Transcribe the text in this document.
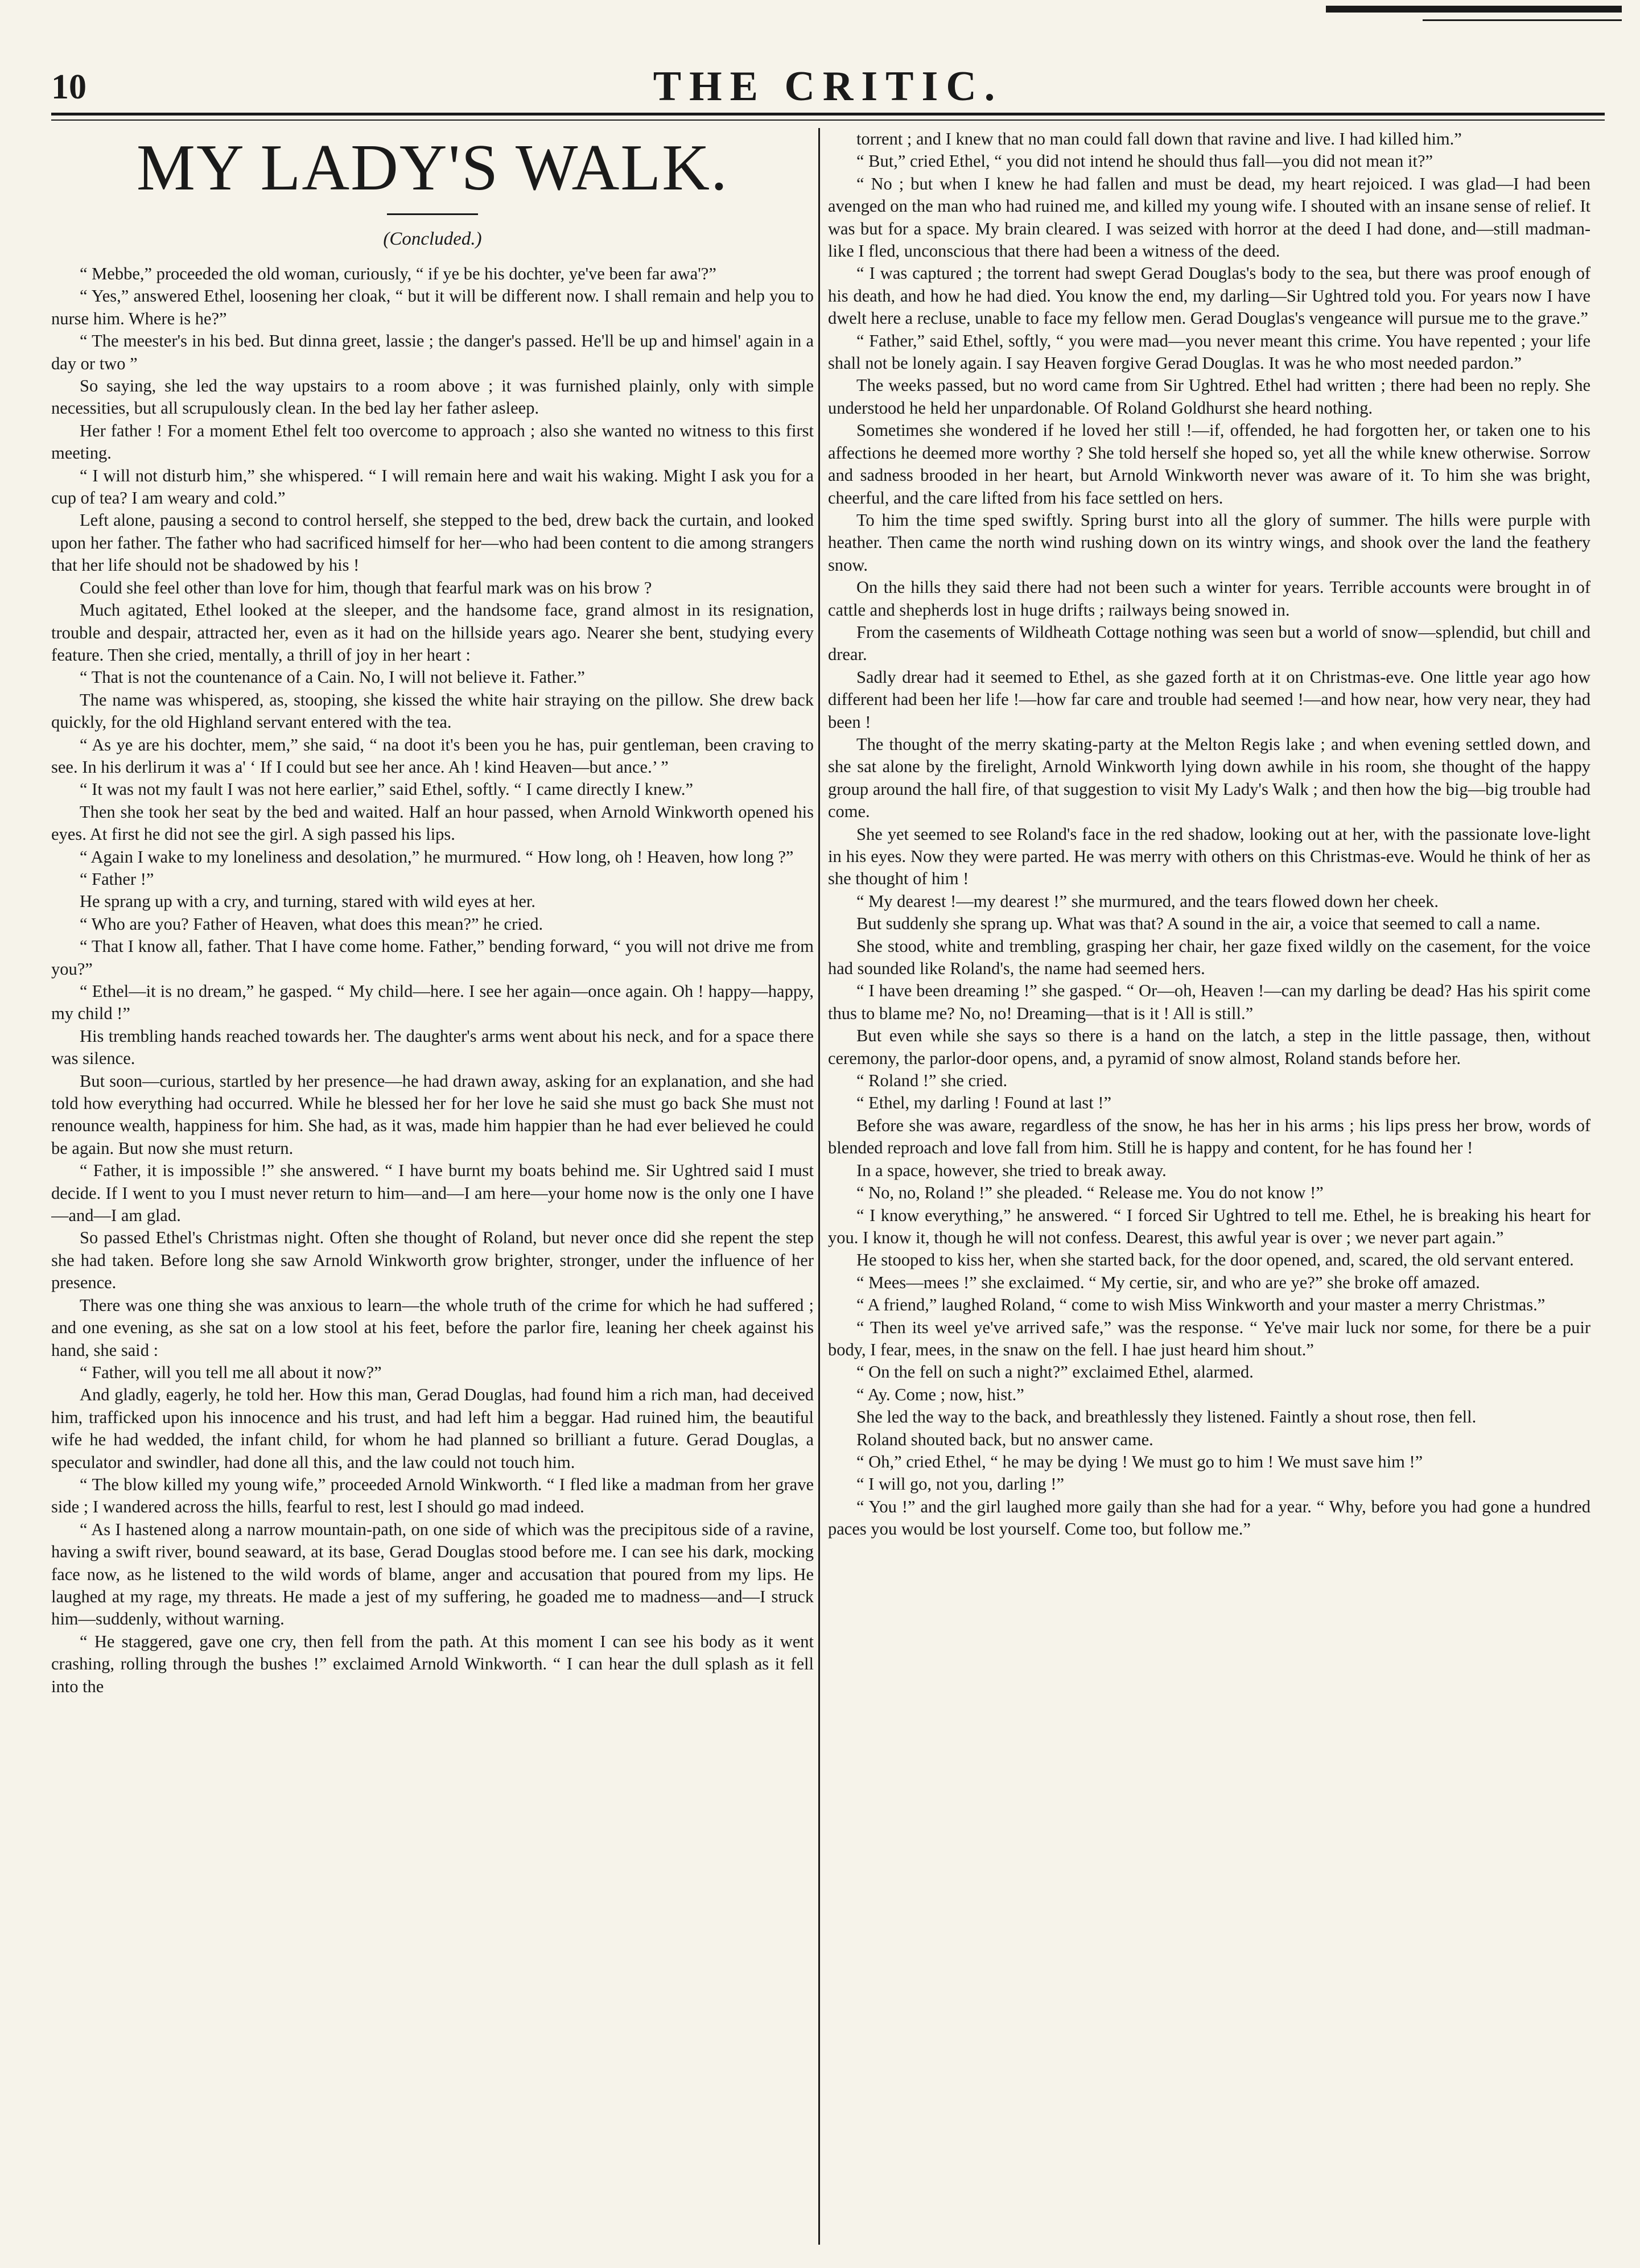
10	THE CRITIC.
MY LADY'S WALK.
(Concluded.)

“ Mebbe,” proceeded the old woman, curiously, “ if ye be his dochter, ye've been far awa'?”

“ Yes,” answered Ethel, loosening her cloak, “ but it will be different now. I shall remain and help you to nurse him. Where is he?”

“ The meester's in his bed. But dinna greet, lassie ; the danger's passed. He'll be up and himsel' again in a day or two ”

So saying, she led the way upstairs to a room above ; it was furnished plainly, only with simple necessities, but all scrupulously clean. In the bed lay her father asleep.

Her father ! For a moment Ethel felt too overcome to approach ; also she wanted no witness to this first meeting.

“ I will not disturb him,” she whispered. “ I will remain here and wait his waking. Might I ask you for a cup of tea? I am weary and cold.”

Left alone, pausing a second to control herself, she stepped to the bed, drew back the curtain, and looked upon her father. The father who had sacrificed himself for her—who had been content to die among strangers that her life should not be shadowed by his !

Could she feel other than love for him, though that fearful mark was on his brow ?

Much agitated, Ethel looked at the sleeper, and the handsome face, grand almost in its resignation, trouble and despair, attracted her, even as it had on the hillside years ago. Nearer she bent, studying every feature. Then she cried, mentally, a thrill of joy in her heart :

“ That is not the countenance of a Cain. No, I will not believe it. Father.”

The name was whispered, as, stooping, she kissed the white hair straying on the pillow. She drew back quickly, for the old Highland servant entered with the tea.

“ As ye are his dochter, mem,” she said, “ na doot it's been you he has, puir gentleman, been craving to see. In his derlirum it was a' ‘ If I could but see her ance. Ah ! kind Heaven—but ance.’ ”

“ It was not my fault I was not here earlier,” said Ethel, softly. “ I came directly I knew.”

Then she took her seat by the bed and waited. Half an hour passed, when Arnold Winkworth opened his eyes. At first he did not see the girl. A sigh passed his lips.

“ Again I wake to my loneliness and desolation,” he murmured. “ How long, oh ! Heaven, how long ?”

“ Father !”

He sprang up with a cry, and turning, stared with wild eyes at her.

“ Who are you? Father of Heaven, what does this mean?” he cried.

“ That I know all, father. That I have come home. Father,” bending forward, “ you will not drive me from you?”

“ Ethel—it is no dream,” he gasped. “ My child—here. I see her again—once again. Oh ! happy—happy, my child !”

His trembling hands reached towards her. The daughter's arms went about his neck, and for a space there was silence.

But soon—curious, startled by her presence—he had drawn away, asking for an explanation, and she had told how everything had occurred. While he blessed her for her love he said she must go back She must not renounce wealth, happiness for him. She had, as it was, made him happier than he had ever believed he could be again. But now she must return.

“ Father, it is impossible !” she answered. “ I have burnt my boats behind me. Sir Ughtred said I must decide. If I went to you I must never return to him—and—I am here—your home now is the only one I have—and—I am glad.

So passed Ethel's Christmas night. Often she thought of Roland, but never once did she repent the step she had taken. Before long she saw Arnold Winkworth grow brighter, stronger, under the influence of her presence.

There was one thing she was anxious to learn—the whole truth of the crime for which he had suffered ; and one evening, as she sat on a low stool at his feet, before the parlor fire, leaning her cheek against his hand, she said :

“ Father, will you tell me all about it now?”

And gladly, eagerly, he told her. How this man, Gerad Douglas, had found him a rich man, had deceived him, trafficked upon his innocence and his trust, and had left him a beggar. Had ruined him, the beautiful wife he had wedded, the infant child, for whom he had planned so brilliant a future. Gerad Douglas, a speculator and swindler, had done all this, and the law could not touch him.

“ The blow killed my young wife,” proceeded Arnold Winkworth. “ I fled like a madman from her grave side ; I wandered across the hills, fearful to rest, lest I should go mad indeed.

“ As I hastened along a narrow mountain-path, on one side of which was the precipitous side of a ravine, having a swift river, bound seaward, at its base, Gerad Douglas stood before me. I can see his dark, mocking face now, as he listened to the wild words of blame, anger and accusation that poured from my lips. He laughed at my rage, my threats. He made a jest of my suffering, he goaded me to madness—and—I struck him—suddenly, without warning.

“ He staggered, gave one cry, then fell from the path. At this moment I can see his body as it went crashing, rolling through the bushes !” exclaimed Arnold Winkworth. “ I can hear the dull splash as it fell into the

torrent ; and I knew that no man could fall down that ravine and live. I had killed him.”

“ But,” cried Ethel, “ you did not intend he should thus fall—you did not mean it?”

“ No ; but when I knew he had fallen and must be dead, my heart rejoiced. I was glad—I had been avenged on the man who had ruined me, and killed my young wife. I shouted with an insane sense of relief. It was but for a space. My brain cleared. I was seized with horror at the deed I had done, and—still madman-like I fled, unconscious that there had been a witness of the deed.

“ I was captured ; the torrent had swept Gerad Douglas's body to the sea, but there was proof enough of his death, and how he had died. You know the end, my darling—Sir Ughtred told you. For years now I have dwelt here a recluse, unable to face my fellow men. Gerad Douglas's vengeance will pursue me to the grave.”

“ Father,” said Ethel, softly, “ you were mad—you never meant this crime. You have repented ; your life shall not be lonely again. I say Heaven forgive Gerad Douglas. It was he who most needed pardon.”

The weeks passed, but no word came from Sir Ughtred. Ethel had written ; there had been no reply. She understood he held her unpardonable. Of Roland Goldhurst she heard nothing.

Sometimes she wondered if he loved her still !—if, offended, he had forgotten her, or taken one to his affections he deemed more worthy ? She told herself she hoped so, yet all the while knew otherwise. Sorrow and sadness brooded in her heart, but Arnold Winkworth never was aware of it. To him she was bright, cheerful, and the care lifted from his face settled on hers.

To him the time sped swiftly. Spring burst into all the glory of summer. The hills were purple with heather. Then came the north wind rushing down on its wintry wings, and shook over the land the feathery snow.

On the hills they said there had not been such a winter for years. Terrible accounts were brought in of cattle and shepherds lost in huge drifts ; railways being snowed in.

From the casements of Wildheath Cottage nothing was seen but a world of snow—splendid, but chill and drear.

Sadly drear had it seemed to Ethel, as she gazed forth at it on Christmas-eve. One little year ago how different had been her life !—how far care and trouble had seemed !—and how near, how very near, they had been !

The thought of the merry skating-party at the Melton Regis lake ; and when evening settled down, and she sat alone by the firelight, Arnold Winkworth lying down awhile in his room, she thought of the happy group around the hall fire, of that suggestion to visit My Lady's Walk ; and then how the big—big trouble had come.

She yet seemed to see Roland's face in the red shadow, looking out at her, with the passionate love-light in his eyes. Now they were parted. He was merry with others on this Christmas-eve. Would he think of her as she thought of him !

“ My dearest !—my dearest !” she murmured, and the tears flowed down her cheek.

But suddenly she sprang up. What was that? A sound in the air, a voice that seemed to call a name.

She stood, white and trembling, grasping her chair, her gaze fixed wildly on the casement, for the voice had sounded like Roland's, the name had seemed hers.

“ I have been dreaming !” she gasped. “ Or—oh, Heaven !—can my darling be dead? Has his spirit come thus to blame me? No, no! Dreaming—that is it ! All is still.”

But even while she says so there is a hand on the latch, a step in the little passage, then, without ceremony, the parlor-door opens, and, a pyramid of snow almost, Roland stands before her.

“ Roland !” she cried.

“ Ethel, my darling ! Found at last !”

Before she was aware, regardless of the snow, he has her in his arms ; his lips press her brow, words of blended reproach and love fall from him. Still he is happy and content, for he has found her !

In a space, however, she tried to break away.

“ No, no, Roland !” she pleaded. “ Release me. You do not know !”

“ I know everything,” he answered. “ I forced Sir Ughtred to tell me. Ethel, he is breaking his heart for you. I know it, though he will not confess. Dearest, this awful year is over ; we never part again.”

He stooped to kiss her, when she started back, for the door opened, and, scared, the old servant entered.

“ Mees—mees !” she exclaimed. “ My certie, sir, and who are ye?” she broke off amazed.

“ A friend,” laughed Roland, “ come to wish Miss Winkworth and your master a merry Christmas.”

“ Then its weel ye've arrived safe,” was the response. “ Ye've mair luck nor some, for there be a puir body, I fear, mees, in the snaw on the fell. I hae just heard him shout.”

“ On the fell on such a night?” exclaimed Ethel, alarmed.

“ Ay. Come ; now, hist.”

She led the way to the back, and breathlessly they listened. Faintly a shout rose, then fell.

Roland shouted back, but no answer came.

“ Oh,” cried Ethel, “ he may be dying ! We must go to him ! We must save him !”

“ I will go, not you, darling !”

“ You !” and the girl laughed more gaily than she had for a year. “ Why, before you had gone a hundred paces you would be lost yourself. Come too, but follow me.”
